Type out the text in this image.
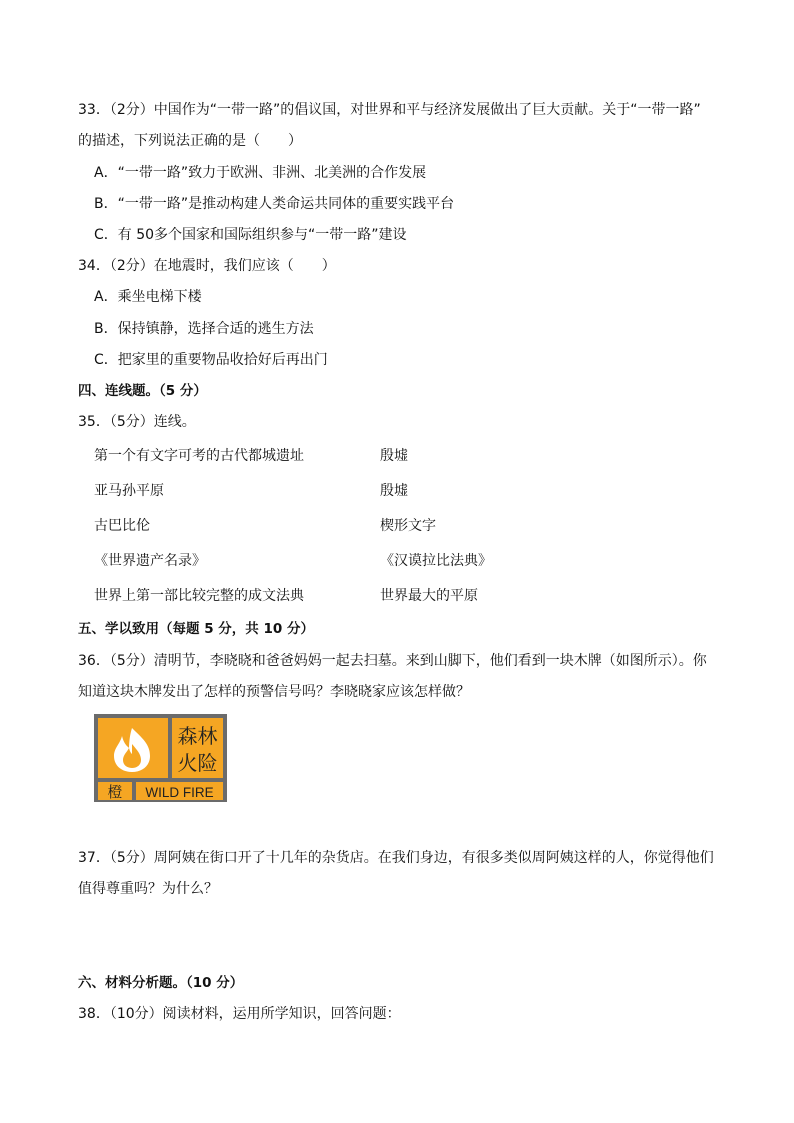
33．（2分）中国作为“一带一路”的倡议国，对世界和平与经济发展做出了巨大贡献。关于“一带一路”
的描述，下列说法正确的是（　　）
A．“一带一路”致力于欧洲、非洲、北美洲的合作发展
B．“一带一路”是推动构建人类命运共同体的重要实践平台
C．有 50多个国家和国际组织参与“一带一路”建设
34．（2分）在地震时，我们应该（　　）
A．乘坐电梯下楼
B．保持镇静，选择合适的逃生方法
C．把家里的重要物品收拾好后再出门
四、连线题。（5 分）
35．（5分）连线。
第一个有文字可考的古代都城遗址	殷墟
亚马孙平原	殷墟
古巴比伦	楔形文字
《世界遗产名录》	《汉谟拉比法典》
世界上第一部比较完整的成文法典	世界最大的平原
五、学以致用（每题 5 分，共 10 分）
36．（5分）清明节，李晓晓和爸爸妈妈一起去扫墓。来到山脚下，他们看到一块木牌（如图所示）。你
知道这块木牌发出了怎样的预警信号吗？李晓晓家应该怎样做？
森林
火险
橙 WILD FIRE
37．（5分）周阿姨在街口开了十几年的杂货店。在我们身边，有很多类似周阿姨这样的人，你觉得他们
值得尊重吗？为什么？
六、材料分析题。（10 分）
38．（10分）阅读材料，运用所学知识，回答问题：
